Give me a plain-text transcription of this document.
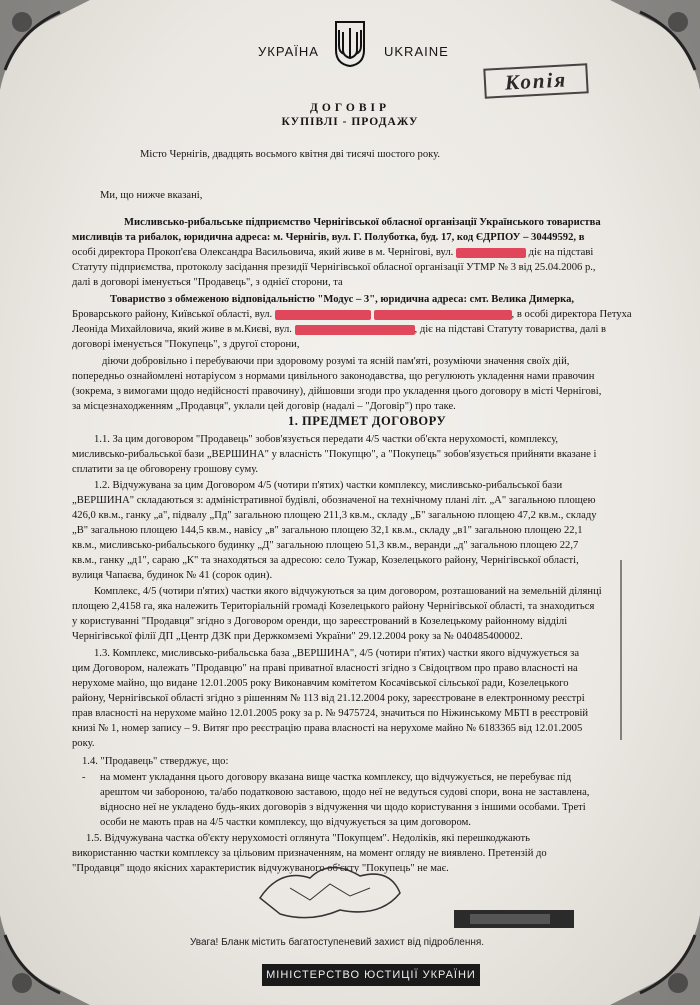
УКРАЇНА	UKRAINE
Копія
ДОГОВІР
КУПІВЛІ - ПРОДАЖУ
Місто Чернігів, двадцять восьмого квітня дві тисячі шостого року.
Ми, що нижче вказані,
Мисливсько-рибальське підприємство Чернігівської обласної організації Українського товариства
мисливців та рибалок, юридична адреса: м. Чернігів, вул. Г. Полуботка, буд. 17, код ЄДРПОУ – 30449592, в
особі директора Прокоп'єва Олександра Васильовича, який живе в м. Чернігові, вул.	діє на підставі
Статуту підприємства, протоколу засідання президії Чернігівської обласної організації УТМР № 3 від 25.04.2006 р.,
далі в договорі іменується "Продавець", з однієї сторони, та
Товариство з обмеженою відповідальністю "Модус – 3", юридична адреса: смт. Велика Димерка,
Броварського району, Київської області, вул.	, в особі директора Петуха
Леоніда Михайловича, який живе в м.Києві, вул.	, діє на підставі Статуту товариства, далі в
договорі іменується "Покупець", з другої сторони,
діючи добровільно і перебуваючи при здоровому розумі та ясній пам'яті, розуміючи значення своїх дій,
попередньо ознайомлені нотаріусом з нормами цивільного законодавства, що регулюють укладення нами правочин
(зокрема, з вимогами щодо недійсності правочину), дійшовши згоди про укладення цього договору в місті Чернігові,
за місцезнаходженням „Продавця", уклали цей договір (надалі – "Договір") про таке.
1. ПРЕДМЕТ ДОГОВОРУ
1.1. За цим договором "Продавець" зобов'язується передати 4/5 частки об'єкта нерухомості, комплексу,
мисливсько-рибальської бази „ВЕРШИНА" у власність "Покупцю", а "Покупець" зобов'язується прийняти вказане і
сплатити за це обговорену грошову суму.
1.2. Відчужувана за цим Договором 4/5 (чотири п'ятих) частки комплексу, мисливсько-рибальської бази
„ВЕРШИНА" складаються з: адміністративної будівлі, обозначеної на технічному плані літ. „А" загальною площею
426,0 кв.м., ганку „а", підвалу „Пд" загальною площею 211,3 кв.м., складу „Б" загальною площею 47,2 кв.м., складу
„В" загальною площею 144,5 кв.м., навісу „в" загальною площею 32,1 кв.м., складу „в1" загальною площею 22,1
кв.м., мисливсько-рибальського будинку „Д" загальною площею 51,3 кв.м., веранди „д" загальною площею 22,7
кв.м., ганку „д1", сараю „К" та знаходяться за адресою: село Тужар, Козелецького району, Чернігівської області,
вулиця Чапаєва, будинок № 41 (сорок один).
Комплекс, 4/5 (чотири п'ятих) частки якого відчужуються за цим договором, розташований на земельній ділянці
площею 2,4158 га, яка належить Територіальній громаді Козелецького району Чернігівської області, та знаходиться
у користуванні "Продавця" згідно з Договором оренди, що зареєстрований в Козелецькому районному відділі
Чернігівської філії ДП „Центр ДЗК при Держкомземі України" 29.12.2004 року за № 040485400002.
1.3. Комплекс, мисливсько-рибальська база „ВЕРШИНА", 4/5 (чотири п'ятих) частки якого відчужується за
цим Договором, належать "Продавцю" на праві приватної власності згідно з Свідоцтвом про право власності на
нерухоме майно, що видане 12.01.2005 року Виконавчим комітетом Косачівської сільської ради, Козелецького
району, Чернігівської області згідно з рішенням № 113 від 21.12.2004 року, зареєстроване в електронному реєстрі
прав власності на нерухоме майно 12.01.2005 року за р. № 9475724, значиться по Ніжинському МБТІ в реєстровій
книзі № 1, номер запису – 9. Витяг про реєстрацію права власності на нерухоме майно № 6183365 від 12.01.2005
року.
1.4. "Продавець" стверджує, що:
- на момент укладання цього договору вказана вище частка комплексу, що відчужується, не перебуває під
арештом чи забороною, та/або податковою заставою, щодо неї не ведуться судові спори, вона не заставлена,
відносно неї не укладено будь-яких договорів з відчуження чи щодо користування з іншими особами. Треті
особи не мають прав на 4/5 частки комплексу, що відчужується за цим договором.
1.5. Відчужувана частка об'єкту нерухомості оглянута "Покупцем". Недоліків, які перешкоджають
використанню частки комплексу за цільовим призначенням, на момент огляду не виявлено. Претензій до
"Продавця" щодо якісних характеристик відчужуваного об'єкту "Покупець" не має.
Увага! Бланк містить багатоступеневий захист від підроблення.
МІНІСТЕРСТВО ЮСТИЦІЇ УКРАЇНИ
